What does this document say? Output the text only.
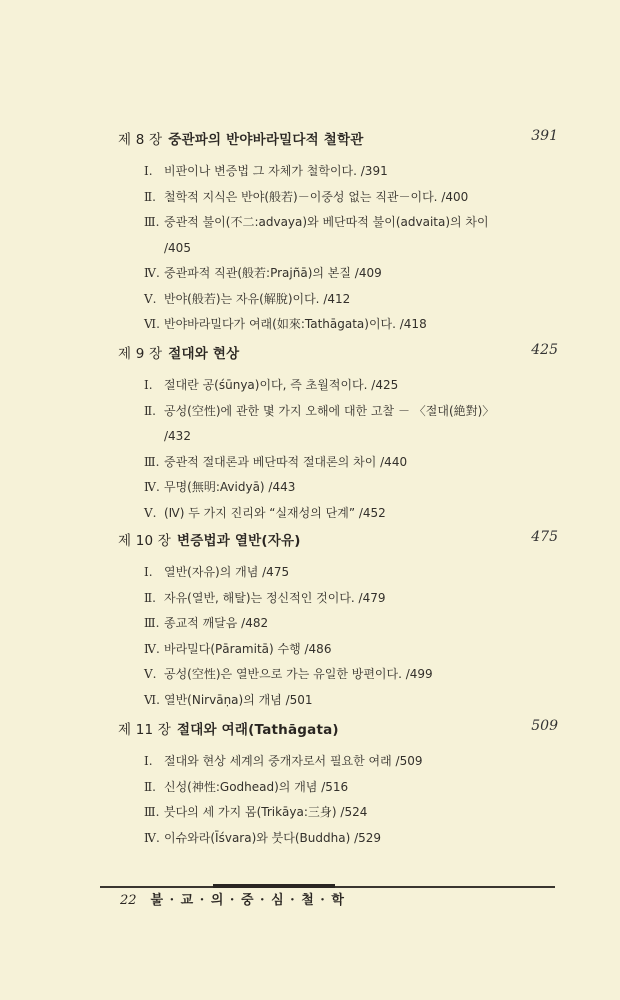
제 8 장 중관파의 반야바라밀다적 철학관	391
Ⅰ. 비판이나 변증법 그 자체가 철학이다. /391
Ⅱ. 철학적 지식은 반야(般若)－이중성 없는 직관－이다. /400
Ⅲ. 중관적 불이(不二:advaya)와 베단따적 불이(advaita)의 차이
/405
Ⅳ. 중관파적 직관(般若:Prajñā)의 본질 /409
Ⅴ. 반야(般若)는 자유(解脫)이다. /412
Ⅵ. 반야바라밀다가 여래(如來:Tathāgata)이다. /418
제 9 장 절대와 현상	425
Ⅰ. 절대란 공(śūnya)이다, 즉 초월적이다. /425
Ⅱ. 공성(空性)에 관한 몇 가지 오해에 대한 고찰 － 〈절대(絶對)〉
/432
Ⅲ. 중관적 절대론과 베단따적 절대론의 차이 /440
Ⅳ. 무명(無明:Avidyā) /443
Ⅴ. (Ⅳ) 두 가지 진리와 “실재성의 단계” /452
제 10 장 변증법과 열반(자유)	475
Ⅰ. 열반(자유)의 개념 /475
Ⅱ. 자유(열반, 해탈)는 정신적인 것이다. /479
Ⅲ. 종교적 깨달음 /482
Ⅳ. 바라밀다(Pāramitā) 수행 /486
Ⅴ. 공성(空性)은 열반으로 가는 유일한 방편이다. /499
Ⅵ. 열반(Nirvāṇa)의 개념 /501
제 11 장 절대와 여래(Tathāgata)	509
Ⅰ. 절대와 현상 세계의 중개자로서 필요한 여래 /509
Ⅱ. 신성(神性:Godhead)의 개념 /516
Ⅲ. 붓다의 세 가지 몸(Trikāya:三身) /524
Ⅳ. 이슈와라(Īśvara)와 붓다(Buddha) /529
22 불 · 교 · 의 · 중 · 심 · 철 · 학
